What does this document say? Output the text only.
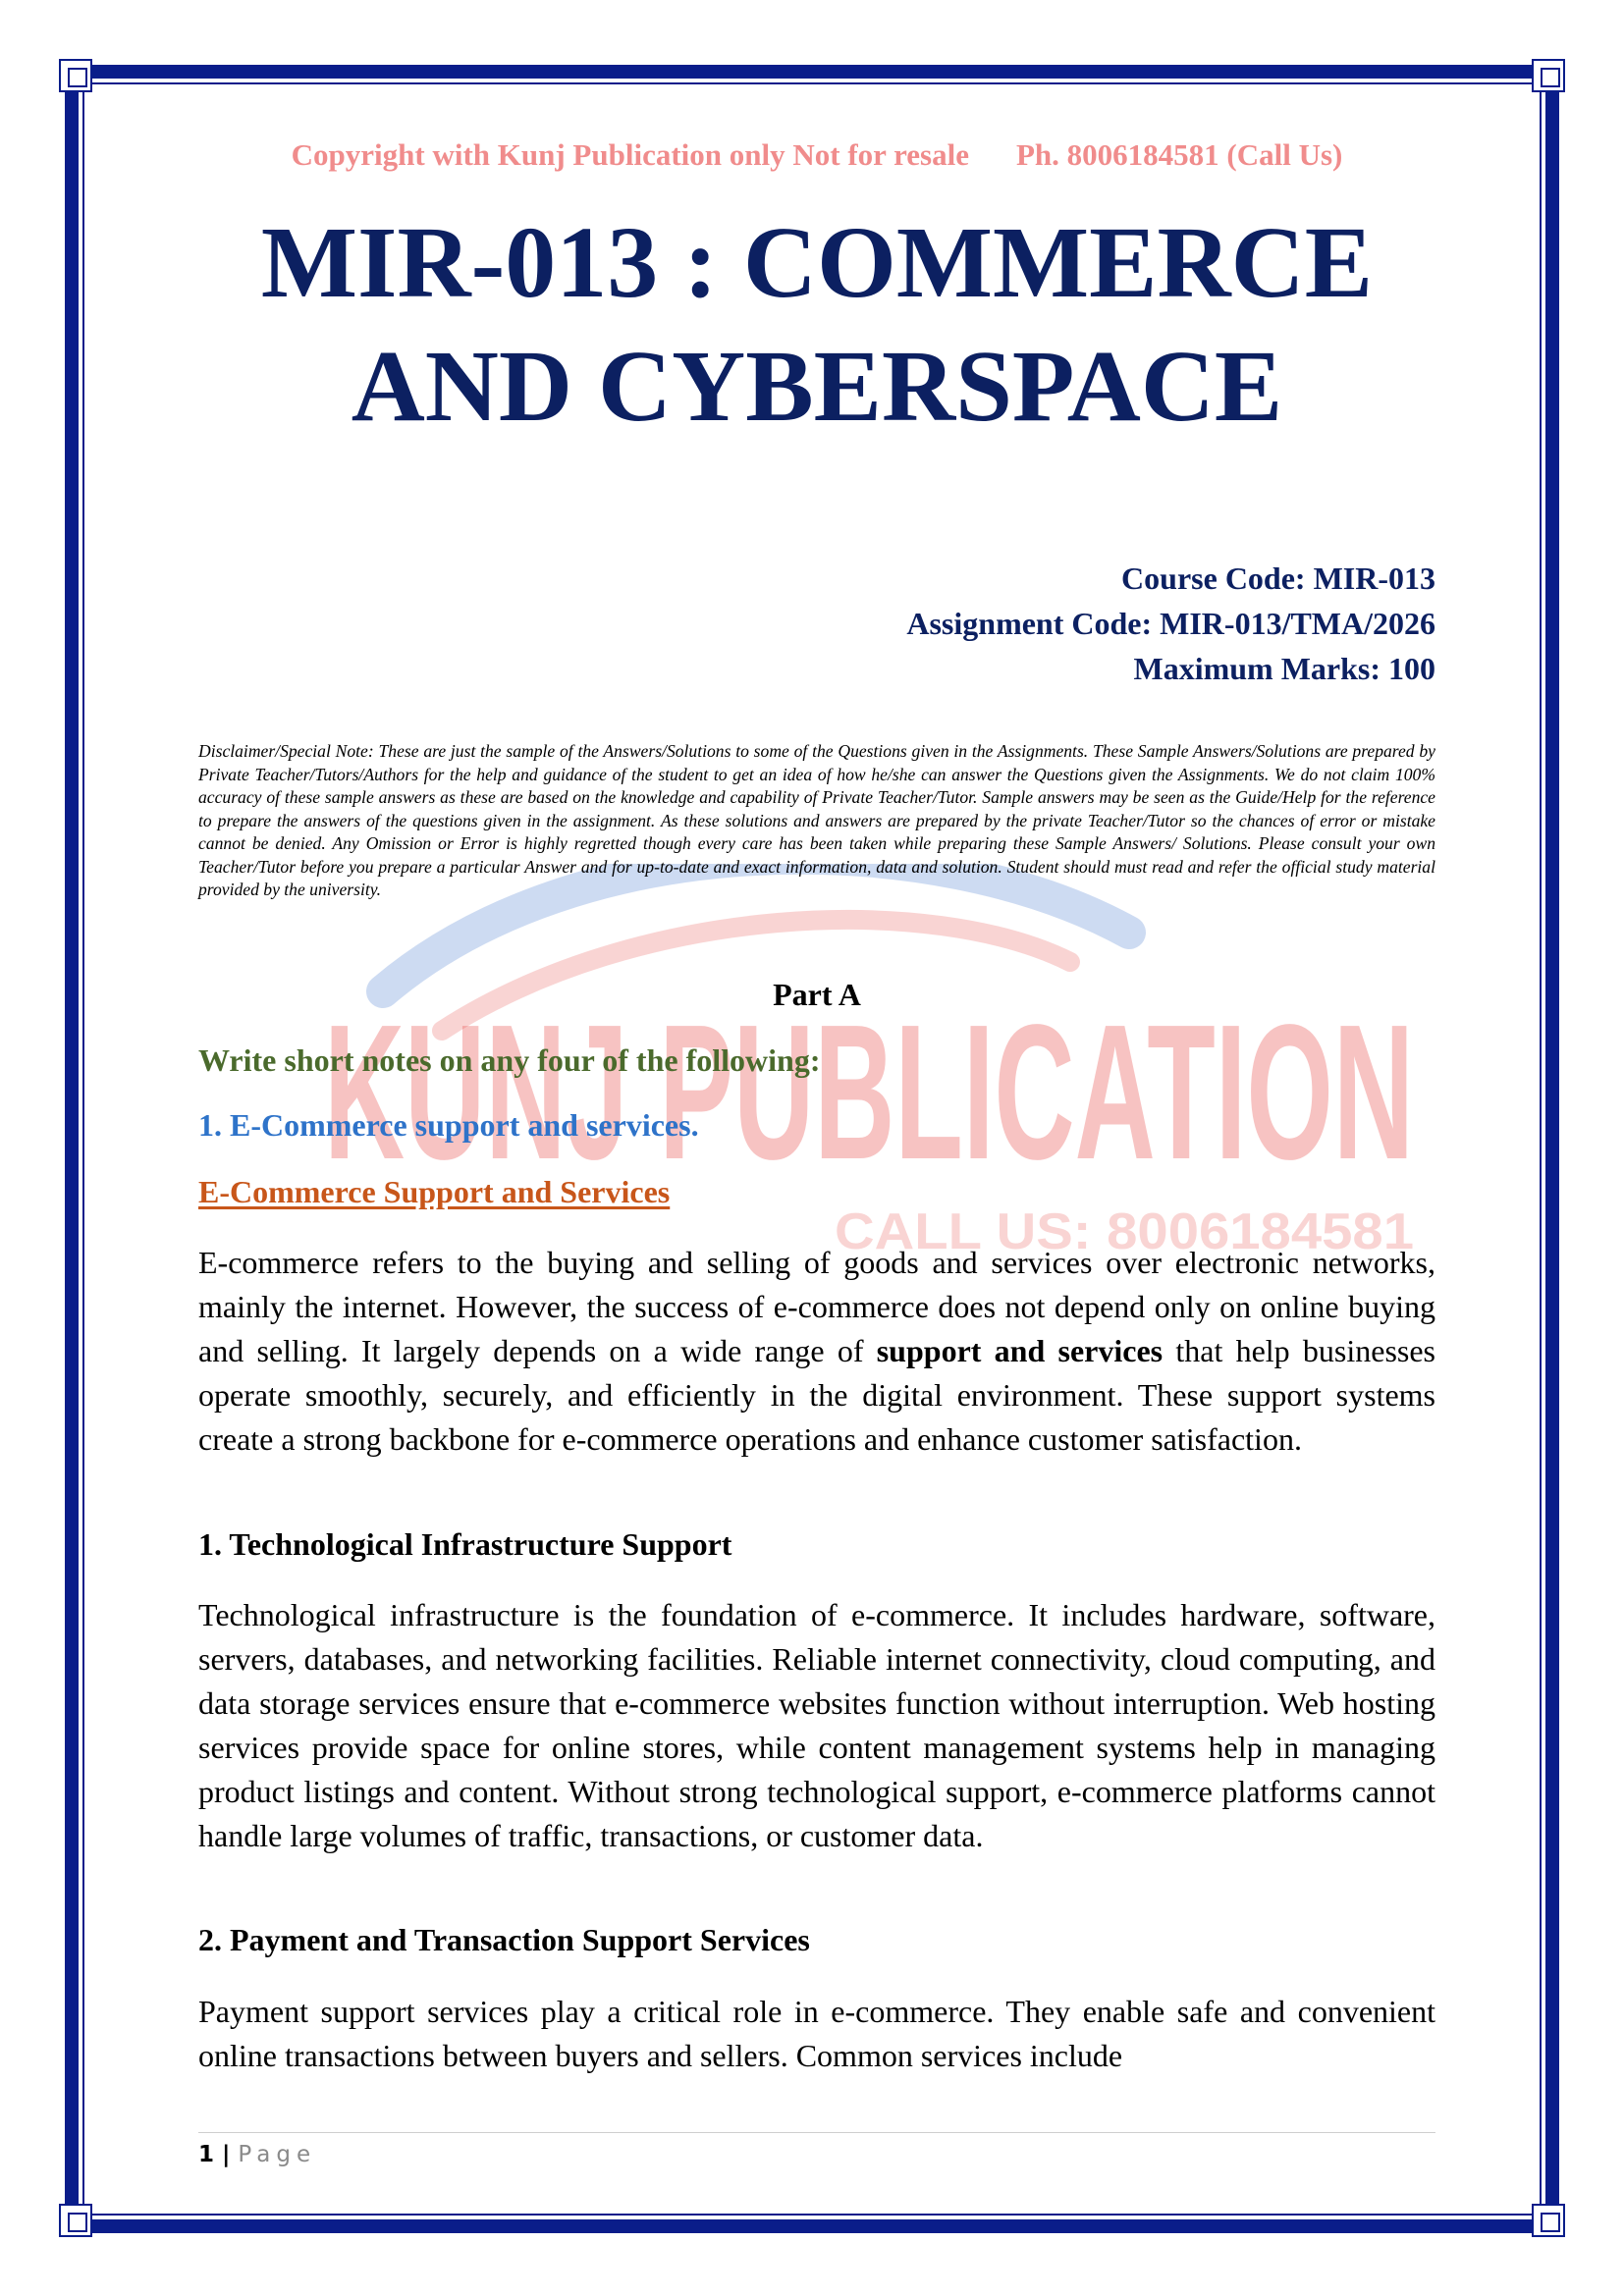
KUNJ PUBLICATION
CALL US: 8006184581
Copyright with Kunj Publication only Not for resale Ph. 8006184581 (Call Us)
MIR-013 : COMMERCE
AND CYBERSPACE
Course Code: MIR-013
Assignment Code: MIR-013/TMA/2026
Maximum Marks: 100
Disclaimer/Special Note: These are just the sample of the Answers/Solutions to some of the Questions given in the Assignments. These Sample Answers/Solutions are prepared by Private Teacher/Tutors/Authors for the help and guidance of the student to get an idea of how he/she can answer the Questions given the Assignments. We do not claim 100% accuracy of these sample answers as these are based on the knowledge and capability of Private Teacher/Tutor. Sample answers may be seen as the Guide/Help for the reference to prepare the answers of the questions given in the assignment. As these solutions and answers are prepared by the private Teacher/Tutor so the chances of error or mistake cannot be denied. Any Omission or Error is highly regretted though every care has been taken while preparing these Sample Answers/ Solutions. Please consult your own Teacher/Tutor before you prepare a particular Answer and for up-to-date and exact information, data and solution. Student should must read and refer the official study material provided by the university.
Part A
Write short notes on any four of the following:
1. E-Commerce support and services.
E-Commerce Support and Services
E-commerce refers to the buying and selling of goods and services over electronic networks, mainly the internet. However, the success of e-commerce does not depend only on online buying and selling. It largely depends on a wide range of support and services that help businesses operate smoothly, securely, and efficiently in the digital environment. These support systems create a strong backbone for e-commerce operations and enhance customer satisfaction.
1. Technological Infrastructure Support
Technological infrastructure is the foundation of e-commerce. It includes hardware, software, servers, databases, and networking facilities. Reliable internet connectivity, cloud computing, and data storage services ensure that e-commerce websites function without interruption. Web hosting services provide space for online stores, while content management systems help in managing product listings and content. Without strong technological support, e-commerce platforms cannot handle large volumes of traffic, transactions, or customer data.
2. Payment and Transaction Support Services
Payment support services play a critical role in e-commerce. They enable safe and convenient online transactions between buyers and sellers. Common services include
1 | Page
